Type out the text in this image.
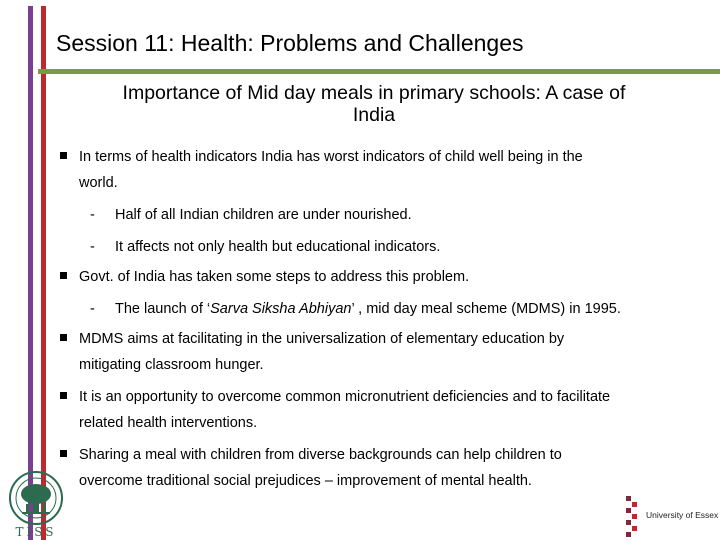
Session 11: Health: Problems and Challenges
Importance of Mid day meals in primary schools: A case of
India
In terms of health indicators India has worst indicators of child well being in the
world.
- Half of all Indian children are under nourished.
- It affects not only health but educational indicators.
Govt. of India has taken some steps to address this problem.
- The launch of ‘Sarva Siksha Abhiyan’ , mid day meal scheme (MDMS) in 1995.
MDMS aims at facilitating in the universalization of elementary education by
mitigating classroom hunger.
It is an opportunity to overcome common micronutrient deficiencies and to facilitate
related health interventions.
Sharing a meal with children from diverse backgrounds can help children to
overcome traditional social prejudices – improvement of mental health.
TISS
University of Essex
